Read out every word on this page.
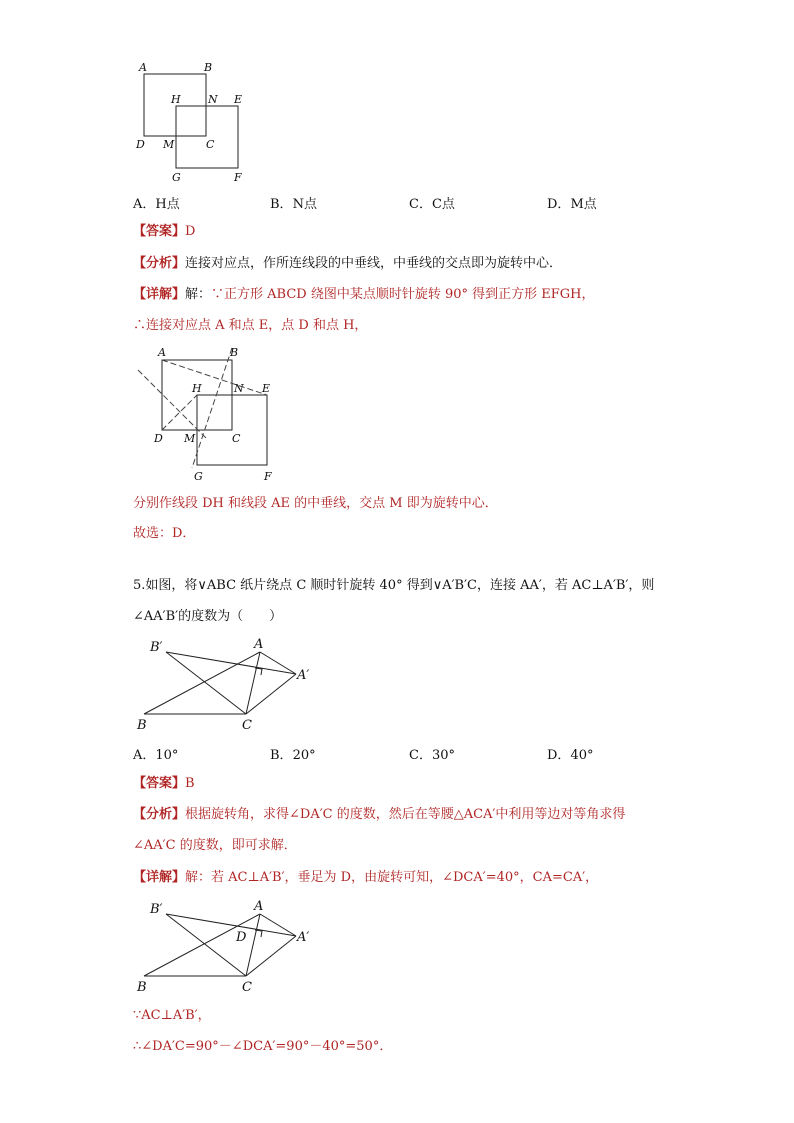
A	B
H N E
D M	C
G	F
A．H点	B．N点	C．C点	D．M点
【答案】D
【分析】连接对应点，作所连线段的中垂线，中垂线的交点即为旋转中心．
【详解】解：∵正方形 ABCD 绕图中某点顺时针旋转 90° 得到正方形 EFGH，
∴连接对应点 A 和点 E，点 D 和点 H，
A	B
H	N E
D M	C
G	F
分别作线段 DH 和线段 AE 的中垂线，交点 M 即为旋转中心．
故选：D．
5.如图，将∨ABC 纸片绕点 C 顺时针旋转 40° 得到∨A′B′C，连接 AA′，若 AC⊥A′B′，则
∠AA′B′的度数为（　　）
B′	A
A′
B	C
A．10°	B．20°	C．30°	D．40°
【答案】B
【分析】根据旋转角，求得∠DA′C 的度数，然后在等腰△ACA′中利用等边对等角求得
∠AA′C 的度数，即可求解．
【详解】解：若 AC⊥A′B′，垂足为 D，由旋转可知，∠DCA′=40°，CA=CA′，
B′	A
D	A′
B	C
∵AC⊥A′B′，
∴∠DA′C=90°－∠DCA′=90°－40°=50°．
